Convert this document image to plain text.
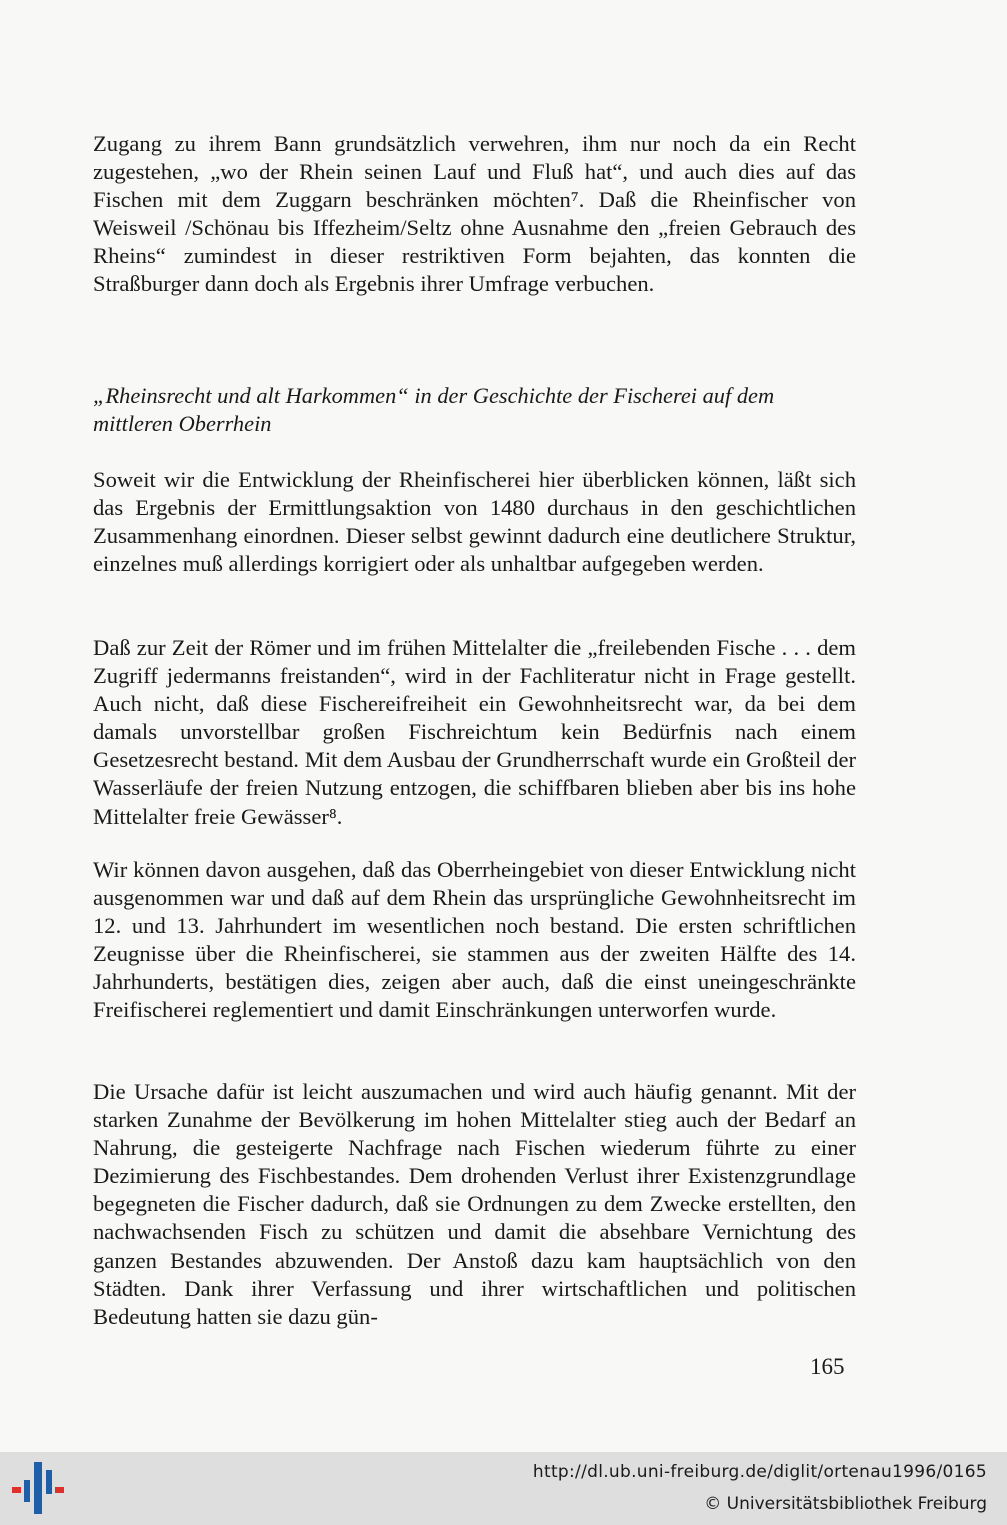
Zugang zu ihrem Bann grundsätzlich verwehren, ihm nur noch da ein Recht zugestehen, „wo der Rhein seinen Lauf und Fluß hat“, und auch dies auf das Fischen mit dem Zuggarn beschränken möchten⁷. Daß die Rheinfischer von Weisweil /Schönau bis Iffezheim/Seltz ohne Ausnahme den „freien Gebrauch des Rheins“ zumindest in dieser restriktiven Form bejahten, das konnten die Straßburger dann doch als Ergebnis ihrer Umfrage verbuchen.

„Rheinsrecht und alt Harkommen“ in der Geschichte der Fischerei auf dem mittleren Oberrhein

Soweit wir die Entwicklung der Rheinfischerei hier überblicken können, läßt sich das Ergebnis der Ermittlungsaktion von 1480 durchaus in den geschichtlichen Zusammenhang einordnen. Dieser selbst gewinnt dadurch eine deutlichere Struktur, einzelnes muß allerdings korrigiert oder als unhaltbar aufgegeben werden.

Daß zur Zeit der Römer und im frühen Mittelalter die „freilebenden Fische . . . dem Zugriff jedermanns freistanden“, wird in der Fachliteratur nicht in Frage gestellt. Auch nicht, daß diese Fischereifreiheit ein Gewohnheitsrecht war, da bei dem damals unvorstellbar großen Fischreichtum kein Bedürfnis nach einem Gesetzesrecht bestand. Mit dem Ausbau der Grundherrschaft wurde ein Großteil der Wasserläufe der freien Nutzung entzogen, die schiffbaren blieben aber bis ins hohe Mittelalter freie Gewässer⁸.

Wir können davon ausgehen, daß das Oberrheingebiet von dieser Entwicklung nicht ausgenommen war und daß auf dem Rhein das ursprüngliche Gewohnheitsrecht im 12. und 13. Jahrhundert im wesentlichen noch bestand. Die ersten schriftlichen Zeugnisse über die Rheinfischerei, sie stammen aus der zweiten Hälfte des 14. Jahrhunderts, bestätigen dies, zeigen aber auch, daß die einst uneingeschränkte Freifischerei reglementiert und damit Einschränkungen unterworfen wurde.

Die Ursache dafür ist leicht auszumachen und wird auch häufig genannt. Mit der starken Zunahme der Bevölkerung im hohen Mittelalter stieg auch der Bedarf an Nahrung, die gesteigerte Nachfrage nach Fischen wiederum führte zu einer Dezimierung des Fischbestandes. Dem drohenden Verlust ihrer Existenzgrundlage begegneten die Fischer dadurch, daß sie Ordnungen zu dem Zwecke erstellten, den nachwachsenden Fisch zu schützen und damit die absehbare Vernichtung des ganzen Bestandes abzuwenden. Der Anstoß dazu kam hauptsächlich von den Städten. Dank ihrer Verfassung und ihrer wirtschaftlichen und politischen Bedeutung hatten sie dazu gün-

165
http://dl.ub.uni-freiburg.de/diglit/ortenau1996/0165
© Universitätsbibliothek Freiburg
